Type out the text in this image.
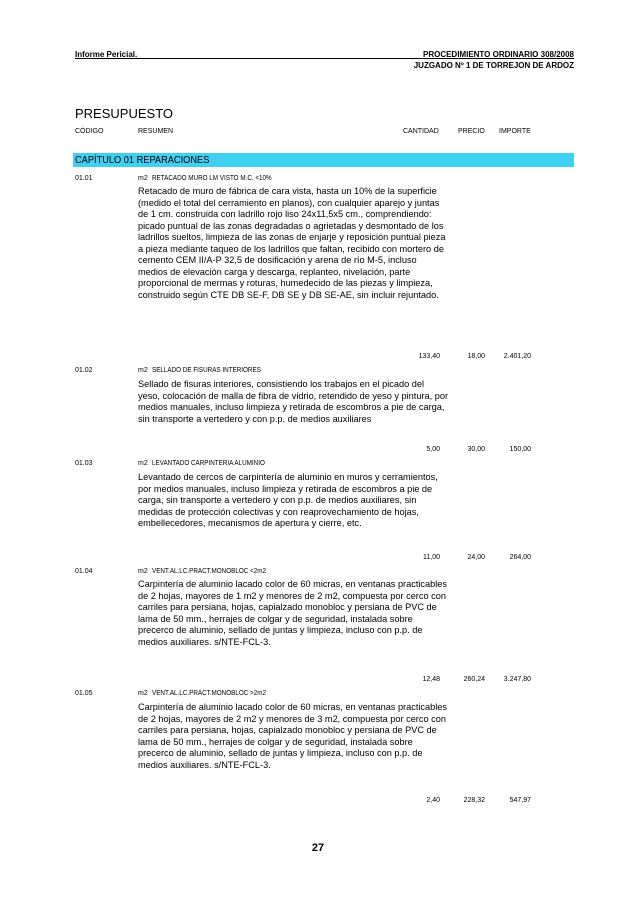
Informe Pericial.	PROCEDIMIENTO ORDINARIO 308/2008
JUZGADO Nº 1 DE TORREJON DE ARDOZ
PRESUPUESTO
CÓDIGO	RESUMEN	CANTIDAD	PRECIO IMPORTE
CAPÍTULO 01 REPARACIONES
01.01	m2 RETACADO MURO LM VISTO M.C. <10%
Retacado de muro de fábrica de cara vista, hasta un 10% de la superficie (medido el total del cerramiento en planos), con cualquier aparejo y juntas de 1 cm. construida con ladrillo rojo liso 24x11,5x5 cm., comprendiendo: picado puntual de las zonas degradadas o agrietadas y desmontado de los ladrillos sueltos, limpieza de las zonas de enjarje y reposición puntual pieza a pieza mediante taqueo de los ladrillos que faltan, recibido con mortero de cemento CEM II/A-P 32,5 de dosificación y arena de río M-5, incluso medios de elevación carga y descarga, replanteo, nivelación, parte proporcional de mermas y roturas, humedecido de las piezas y limpieza, construido según CTE DB SE-F, DB SE y DB SE-AE, sin incluir rejuntado.
133,40	18,00	2.401,20
01.02	m2 SELLADO DE FISURAS INTERIORES
Sellado de fisuras interiores, consistiendo los trabajos en el picado del yeso, colocación de malla de fibra de vidrio, retendido de yeso y pintura, por medios manuales, incluso limpieza y retirada de escombros a pie de carga, sin transporte a vertedero y con p.p. de medios auxiliares
5,00	30,00	150,00
01.03	m2 LEVANTADO CARPINTERIA ALUMINIO
Levantado de cercos de carpintería de aluminio en muros y cerramientos, por medios manuales, incluso limpieza y retirada de escombros a pie de carga, sin transporte a vertedero y con p.p. de medios auxiliares, sin medidas de protección colectivas y con reaprovechamiento de hojas, embellecedores, mecanismos de apertura y cierre, etc.
11,00	24,00	264,00
01.04	m2 VENT.AL.LC.PRACT.MONOBLOC <2m2
Carpintería de aluminio lacado color de 60 micras, en ventanas practicables de 2 hojas, mayores de 1 m2 y menores de 2 m2, compuesta por cerco con carriles para persiana, hojas, capialzado monobloc y persiana de PVC de lama de 50 mm., herrajes de colgar y de seguridad, instalada sobre precerco de aluminio, sellado de juntas y limpieza, incluso con p.p. de medios auxiliares. s/NTE-FCL-3.
12,48	260,24	3.247,80
01.05	m2 VENT.AL.LC.PRACT.MONOBLOC >2m2
Carpintería de aluminio lacado color de 60 micras, en ventanas practicables de 2 hojas, mayores de 2 m2 y menores de 3 m2, compuesta por cerco con carriles para persiana, hojas, capialzado monobloc y persiana de PVC de lama de 50 mm., herrajes de colgar y de seguridad, instalada sobre precerco de aluminio, sellado de juntas y limpieza, incluso con p.p. de medios auxiliares. s/NTE-FCL-3.
2,40	228,32	547,97
27
